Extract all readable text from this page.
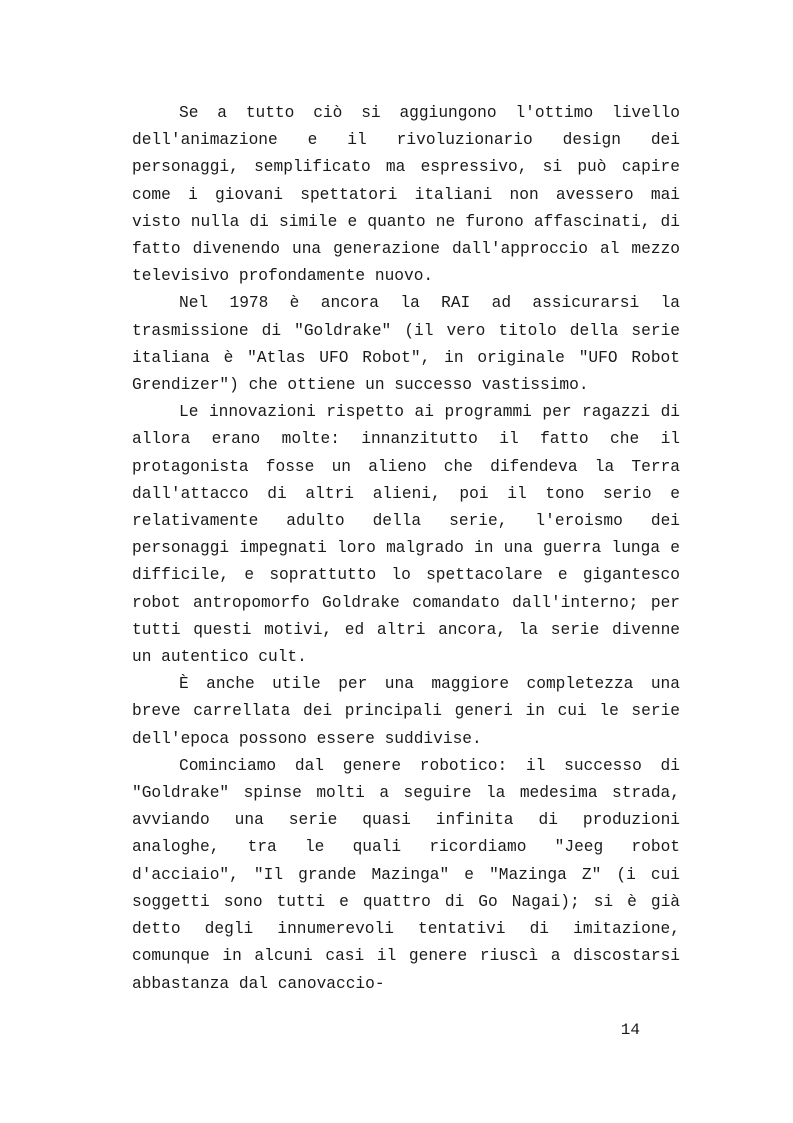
Se a tutto ciò si aggiungono l'ottimo livello dell'animazione e il rivoluzionario design dei personaggi, semplificato ma espressivo, si può capire come i giovani spettatori italiani non avessero mai visto nulla di simile e quanto ne furono affascinati, di fatto divenendo una generazione dall'approccio al mezzo televisivo profondamente nuovo.

Nel 1978 è ancora la RAI ad assicurarsi la trasmissione di "Goldrake" (il vero titolo della serie italiana è "Atlas UFO Robot", in originale "UFO Robot Grendizer") che ottiene un successo vastissimo.

Le innovazioni rispetto ai programmi per ragazzi di allora erano molte: innanzitutto il fatto che il protagonista fosse un alieno che difendeva la Terra dall'attacco di altri alieni, poi il tono serio e relativamente adulto della serie, l'eroismo dei personaggi impegnati loro malgrado in una guerra lunga e difficile, e soprattutto lo spettacolare e gigantesco robot antropomorfo Goldrake comandato dall'interno; per tutti questi motivi, ed altri ancora, la serie divenne un autentico cult.

È anche utile per una maggiore completezza una breve carrellata dei principali generi in cui le serie dell'epoca possono essere suddivise.

Cominciamo dal genere robotico: il successo di "Goldrake" spinse molti a seguire la medesima strada, avviando una serie quasi infinita di produzioni analoghe, tra le quali ricordiamo "Jeeg robot d'acciaio", "Il grande Mazinga" e "Mazinga Z" (i cui soggetti sono tutti e quattro di Go Nagai); si è già detto degli innumerevoli tentativi di imitazione, comunque in alcuni casi il genere riuscì a discostarsi abbastanza dal canovaccio-

14
